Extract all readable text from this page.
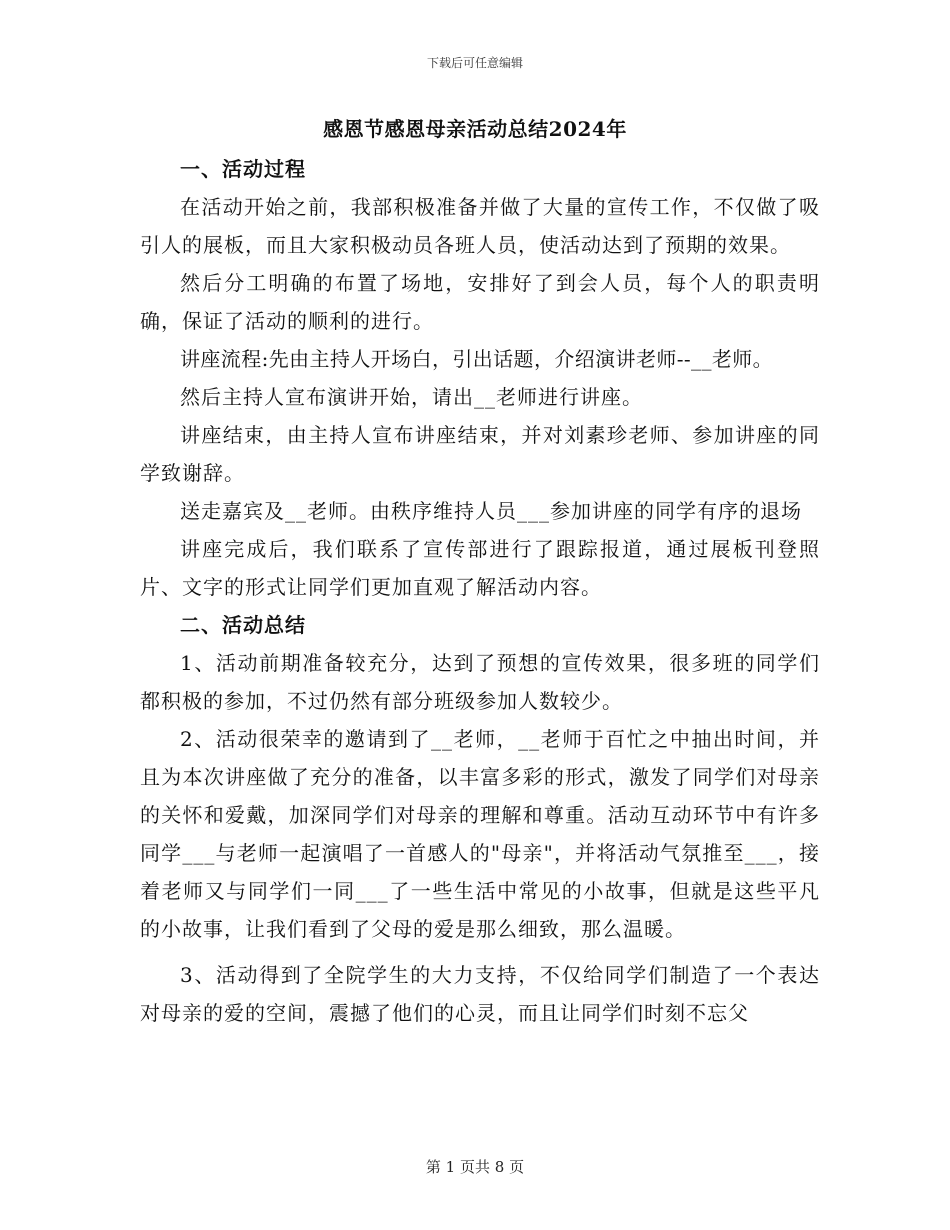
下载后可任意编辑
感恩节感恩母亲活动总结2024年
一、活动过程

在活动开始之前，我部积极准备并做了大量的宣传工作，不仅做了吸引人的展板，而且大家积极动员各班人员，使活动达到了预期的效果。

然后分工明确的布置了场地，安排好了到会人员，每个人的职责明确，保证了活动的顺利的进行。

讲座流程:先由主持人开场白，引出话题，介绍演讲老师--__老师。

然后主持人宣布演讲开始，请出__老师进行讲座。

讲座结束，由主持人宣布讲座结束，并对刘素珍老师、参加讲座的同学致谢辞。

送走嘉宾及__老师。由秩序维持人员___参加讲座的同学有序的退场

讲座完成后，我们联系了宣传部进行了跟踪报道，通过展板刊登照片、文字的形式让同学们更加直观了解活动内容。

二、活动总结

1、活动前期准备较充分，达到了预想的宣传效果，很多班的同学们都积极的参加，不过仍然有部分班级参加人数较少。

2、活动很荣幸的邀请到了__老师，__老师于百忙之中抽出时间，并且为本次讲座做了充分的准备，以丰富多彩的形式，激发了同学们对母亲的关怀和爱戴，加深同学们对母亲的理解和尊重。活动互动环节中有许多同学___与老师一起演唱了一首感人的"母亲"，并将活动气氛推至___，接着老师又与同学们一同___了一些生活中常见的小故事，但就是这些平凡的小故事，让我们看到了父母的爱是那么细致，那么温暖。

3、活动得到了全院学生的大力支持，不仅给同学们制造了一个表达对母亲的爱的空间，震撼了他们的心灵，而且让同学们时刻不忘父

第 1 页共 8 页
